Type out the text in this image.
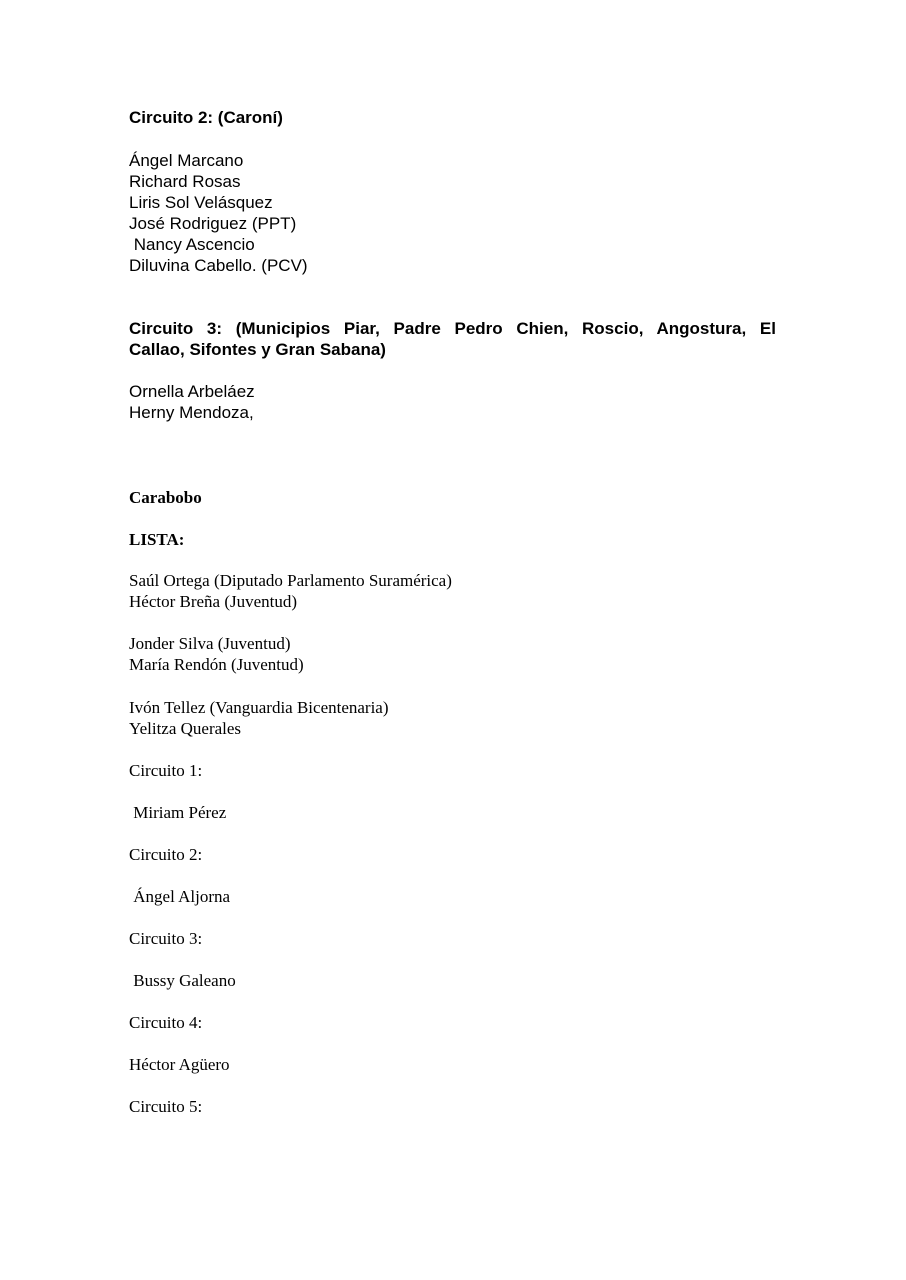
Circuito 2: (Caroní)
Ángel Marcano
Richard Rosas
Liris Sol Velásquez
José Rodriguez (PPT)
Nancy Ascencio
Diluvina Cabello. (PCV)
Circuito 3: (Municipios Piar, Padre Pedro Chien, Roscio, Angostura, El
Callao, Sifontes y Gran Sabana)
Ornella Arbeláez
Herny Mendoza,
Carabobo
LISTA:
Saúl Ortega (Diputado Parlamento Suramérica)
Héctor Breña (Juventud)
Jonder Silva (Juventud)
María Rendón (Juventud)
Ivón Tellez (Vanguardia Bicentenaria)
Yelitza Querales
Circuito 1:
Miriam Pérez
Circuito 2:
Ángel Aljorna
Circuito 3:
Bussy Galeano
Circuito 4:
Héctor Agüero
Circuito 5:
